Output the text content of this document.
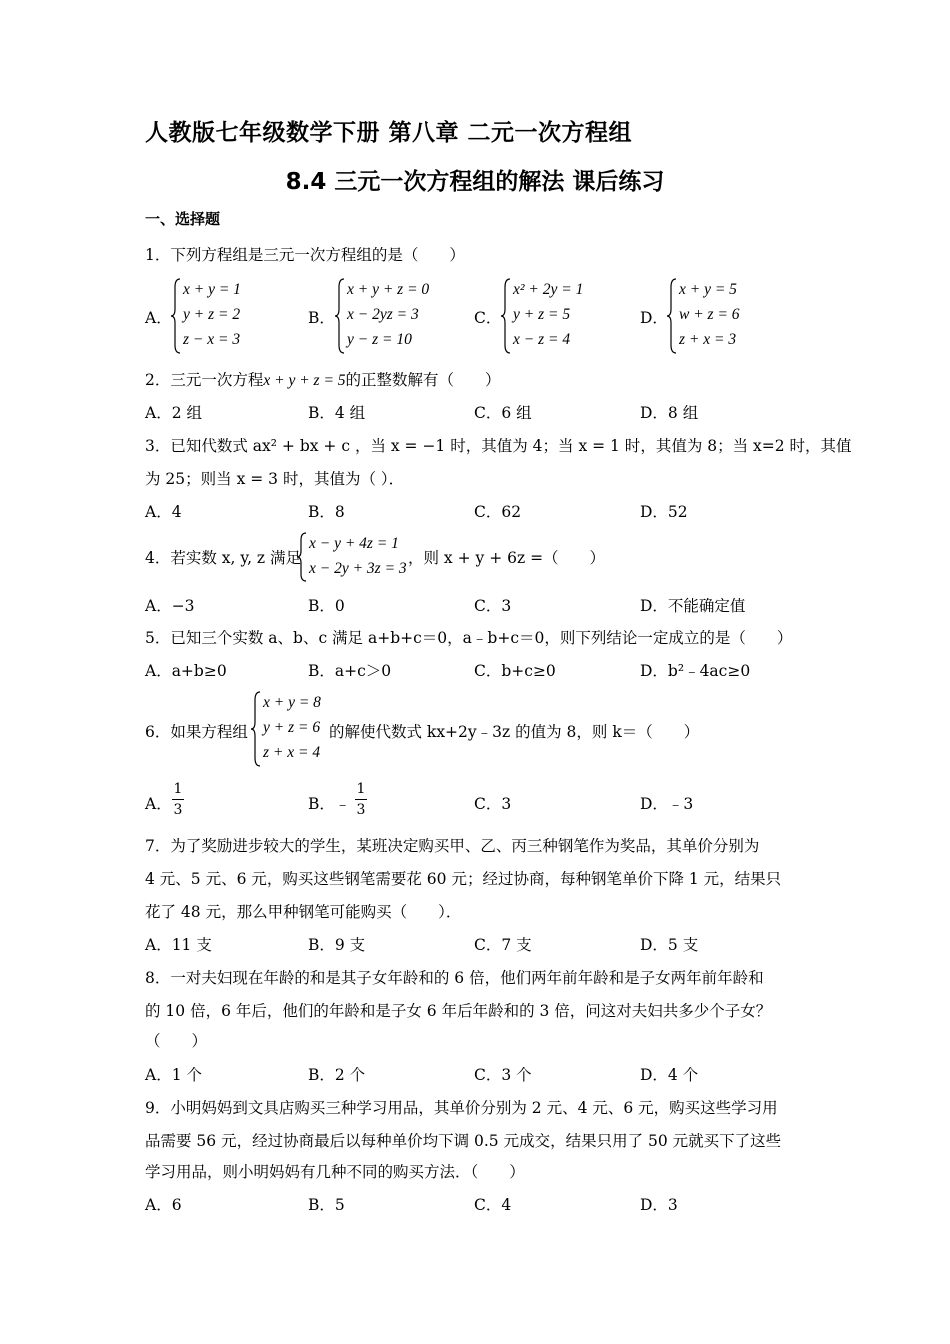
人教版七年级数学下册 第八章 二元一次方程组
8.4 三元一次方程组的解法 课后练习
一、选择题
1．下列方程组是三元一次方程组的是（　　）
A．
x + y = 1
y + z = 2
z − x = 3
B．
x + y + z = 0
x − 2yz = 3
y − z = 10
C．
x² + 2y = 1
y + z = 5
x − z = 4
D．
x + y = 5
w + z = 6
z + x = 3
2．三元一次方程x + y + z = 5的正整数解有（　　）
A．2 组	B．4 组	C．6 组	D．8 组
3．已知代数式 ax² + bx + c ，当 x = −1 时，其值为 4；当 x = 1 时，其值为 8；当 x=2 时，其值
为 25；则当 x = 3 时，其值为（ ）．
A．4	B．8	C．62	D．52
4．若实数 x, y, z 满足
x − y + 4z = 1
x − 2y + 3z = 3
，则 x + y + 6z =（　　）
A．−3	B．0	C．3	D．不能确定值
5．已知三个实数 a、b、c 满足 a+b+c＝0，a﹣b+c＝0，则下列结论一定成立的是（　　）
A．a+b≥0	B．a+c＞0	C．b+c≥0	D．b²﹣4ac≥0
6．如果方程组
x + y = 8
y + z = 6
z + x = 4
的解使代数式 kx+2y﹣3z 的值为 8，则 k＝（　　）
A．
1
3	B．﹣
1
3	C．3	D．﹣3
7．为了奖励进步较大的学生，某班决定购买甲、乙、丙三种钢笔作为奖品，其单价分别为
4 元、5 元、6 元，购买这些钢笔需要花 60 元；经过协商，每种钢笔单价下降 1 元，结果只
花了 48 元，那么甲种钢笔可能购买（　　）．
A．11 支	B．9 支	C．7 支	D．5 支
8．一对夫妇现在年龄的和是其子女年龄和的 6 倍，他们两年前年龄和是子女两年前年龄和
的 10 倍，6 年后，他们的年龄和是子女 6 年后年龄和的 3 倍，问这对夫妇共多少个子女？
（　　）
A．1 个	B．2 个	C．3 个	D．4 个
9．小明妈妈到文具店购买三种学习用品，其单价分别为 2 元、4 元、6 元，购买这些学习用
品需要 56 元，经过协商最后以每种单价均下调 0.5 元成交，结果只用了 50 元就买下了这些
学习用品，则小明妈妈有几种不同的购买方法．（　　）
A．6	B．5	C．4	D．3
